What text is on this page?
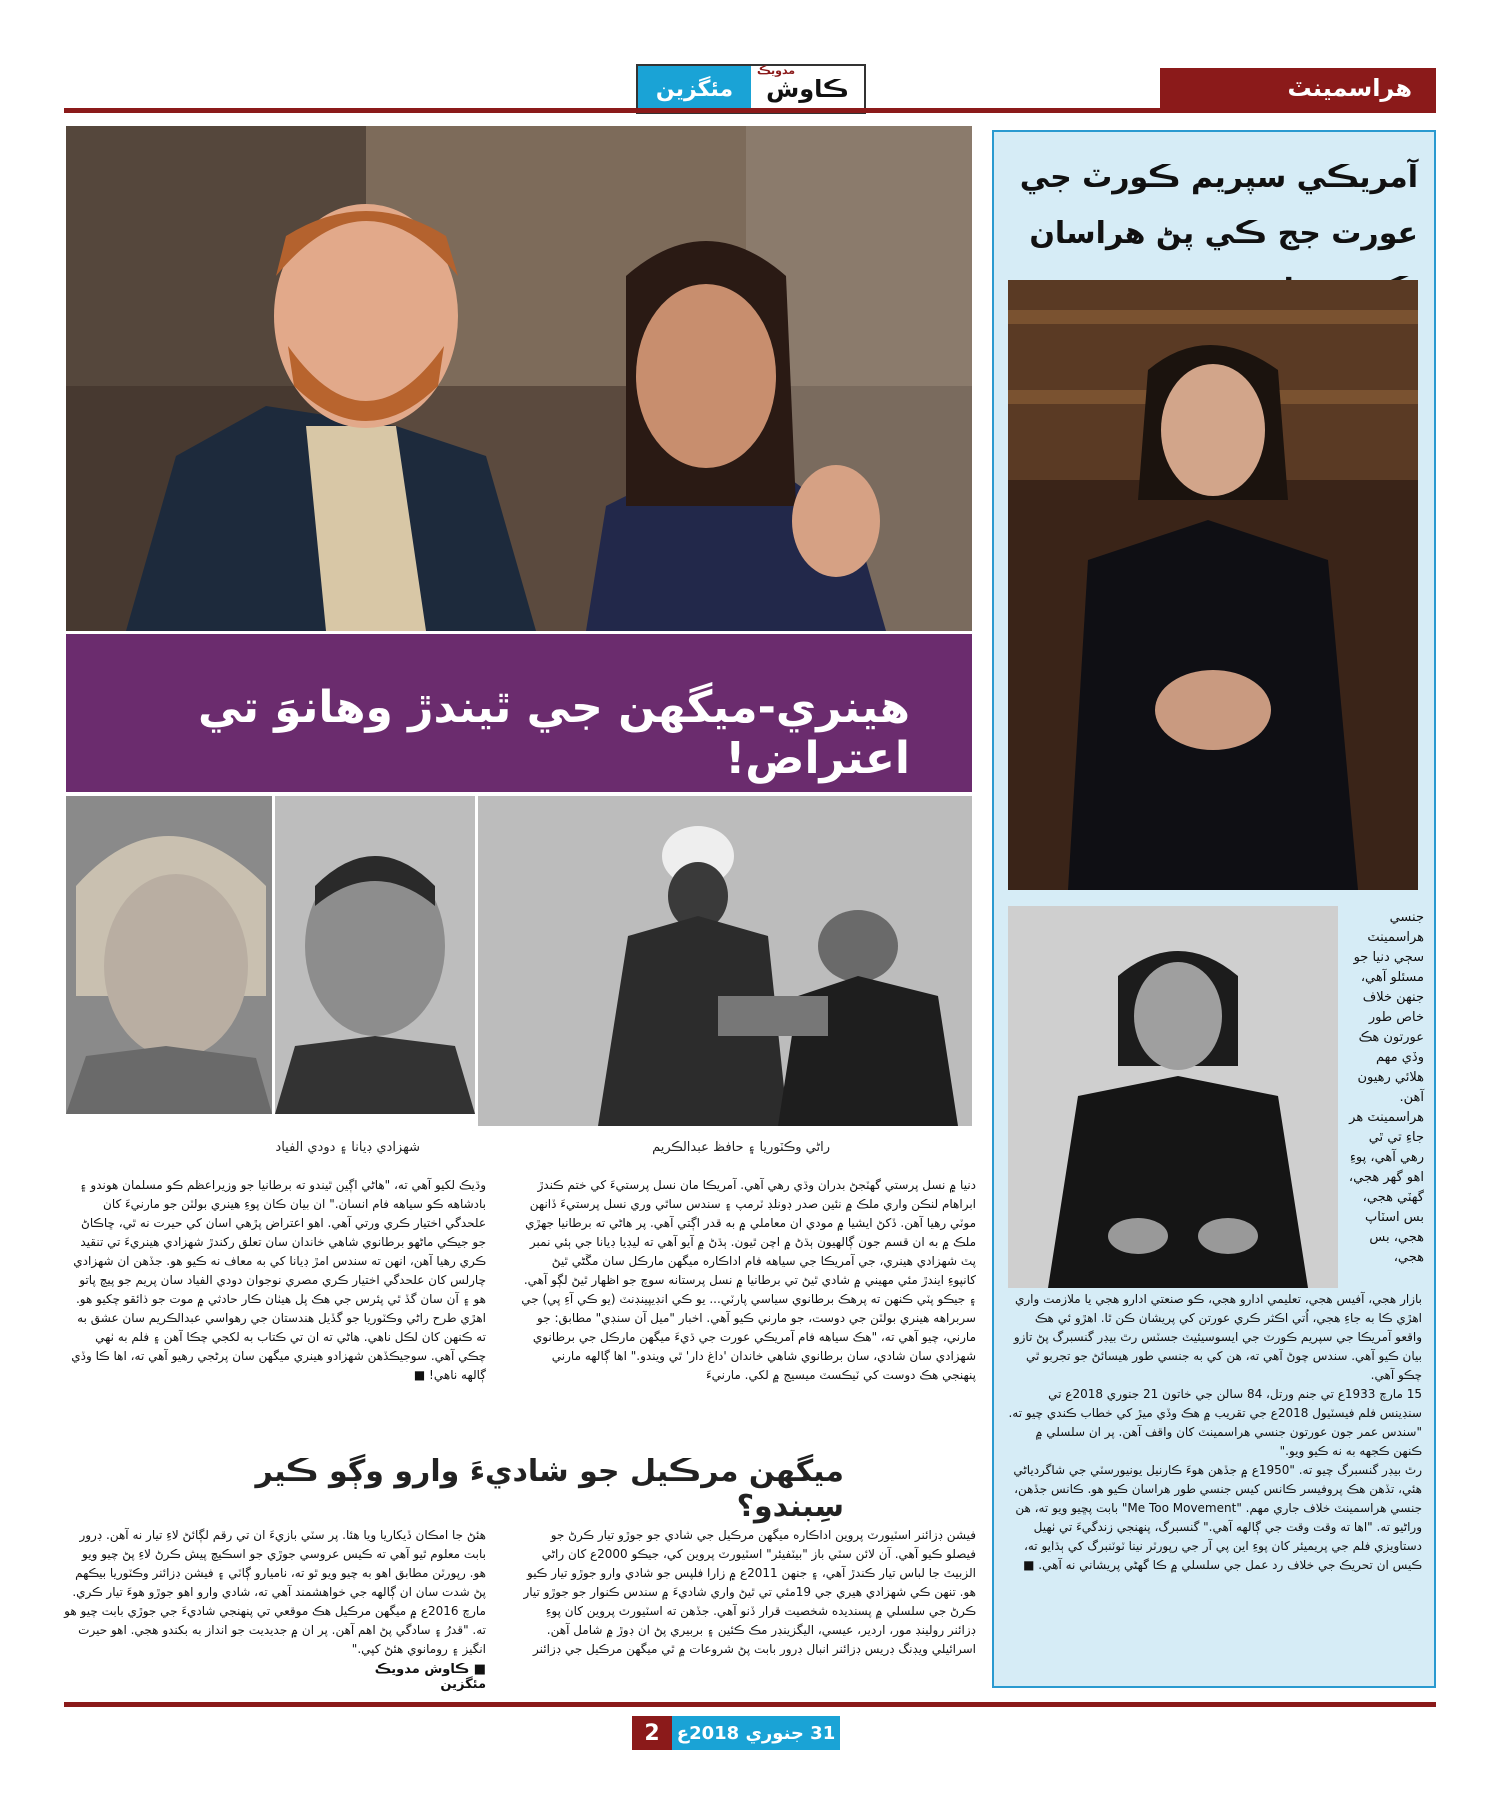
مئگزين
مدويڪ
ڪاوش	هراسمينٽ
هينري-ميگهن جي ٿيندڙ وهانوَ تي اعتراض!
راڻي وڪٽوريا ۽ حافظ عبدالڪريم
شهزادي ڊيانا ۽ دودي الفياد
دنيا ۾ نسل پرستي گهٽجڻ بدران وڌي رهي آهي. آمريڪا مان نسل پرستيءَ کي ختم ڪندڙ ابراهام لنڪن واري ملڪ ۾ نئين صدر ڊونلڊ ٽرمپ ۽ سندس ساٿي وري نسل پرستيءَ ڏانهن موٽي رهيا آهن. ڏکڻ ايشيا ۾ مودي ان معاملي ۾ به قدر اڳتي آهي. پر هاڻي ته برطانيا جهڙي ملڪ ۾ به ان قسم جون ڳالهيون ٻڌڻ ۾ اچن ٿيون. ٻڌڻ ۾ آيو آهي ته ليڊيا ڊيانا جي ٻئي نمبر پٽ شهزادي هينري، جي آمريڪا جي سياهه فام اداڪاره ميگهن مارڪل سان مڱڻي ٿيڻ کانپوءِ ايندڙ مئي مهيني ۾ شادي ٿيڻ تي برطانيا ۾ نسل پرستانه سوچ جو اظهار ٿيڻ لڳو آهي. ۽ جيڪو پٽي ڪنهن ته پرهڪ برطانوي سياسي پارٽي... يو ڪي انڊيپينڊنٽ (يو ڪي آءِ پي) جي سربراهه هينري بولٽن جي دوست، جو مارني ڪيو آهي. اخبار "ميل آن سنڊي" مطابق: جو مارني، چيو آهي ته، "هڪ سياهه فام آمريڪي عورت جي ڌيءَ ميگهن مارڪل جي برطانوي شهزادي سان شادي، سان برطانوي شاهي خاندان 'داغ دار' ٿي ويندو." اها ڳالهه مارني پنهنجي هڪ دوست کي ٽيڪسٽ ميسيج ۾ لکي. مارنيءَ
وڌيڪ لکيو آهي ته، "هاڻي اڳين ٿيندو ته برطانيا جو وزيراعظم ڪو مسلمان هوندو ۽ بادشاهه ڪو سياهه فام انسان." ان بيان ڪان پوءِ هينري بولٽن جو مارنيءَ کان علحدگي اختيار ڪري ورتي آهي. اهو اعتراض پڙهي اسان کي حيرت نه ٿي، ڇاڪاڻ جو جيڪي ماڻهو برطانوي شاهي خاندان سان تعلق رکندڙ شهزادي هينريءَ تي تنقيد ڪري رهيا آهن، انهن ته سندس امڙ ڊيانا کي به معاف نه ڪيو هو. جڏهن ان شهزادي چارلس کان علحدگي اختيار ڪري مصري نوجوان دودي الفياد سان پريم جو پيچ پاتو هو ۽ آن سان گڏ ٿي پئرس جي هڪ پل هيٺان ڪار حادثي ۾ موت جو ذائقو چکيو هو. اهڙي طرح راڻي وڪٽوريا جو گڏيل هندستان جي رهواسي عبدالڪريم سان عشق به ته ڪنهن کان لڪل ناهي. هاڻي ته ان تي ڪتاب به لکجي چڪا آهن ۽ فلم به ٺهي چڪي آهي. سوجيڪڏهن شهزادو هينري ميگهن سان پرڻجي رهيو آهي ته، اها ڪا وڏي ڳالهه ناهي! ■
ميگهن مرڪيل جو شاديءَ وارو وڳو ڪير سِبندو؟
فيشن ڊزائنر اسٽيورٽ پروين اداڪاره ميگهن مرڪيل جي شادي جو جوڙو تيار ڪرڻ جو فيصلو ڪيو آهي. آن لائن سٽي باز "بيٽفيئر" اسٽيورٽ پروين کي، جيڪو 2000ع کان راڻي الزبيٿ جا لباس تيار ڪندڙ آهي، ۽ جنهن 2011ع ۾ زارا فلپس جو شادي وارو جوڙو تيار ڪيو هو. تنهن ڪي شهزادي هيري جي 19مئي تي ٿيڻ واري شاديءَ ۾ سندس ڪنوار جو جوڙو تيار ڪرڻ جي سلسلي ۾ پسنديده شخصيت قرار ڏنو آهي. جڏهن ته اسٽيورٽ پروين کان پوءِ ڊزائنر رولينڊ مور، اردير، عيسي، اليگزينڊر مڪ ڪئين ۽ بربيري پڻ ان ڊوڙ ۾ شامل آهن. اسرائيلي ويڊنگ ڊريس ڊزائنر انبال ڊرور بابت پڻ شروعات ۾ ٿي ميگهن مرڪيل جي ڊزائنر
هئڻ جا امڪان ڏيکاريا ويا هئا. پر سٽي بازيءَ ان تي رقم لڳائڻ لاءِ تيار نه آهن. ڊرور بابت معلوم ٿيو آهي ته ڪيس عروسي جوڙي جو اسڪيچ پيش ڪرڻ لاءِ پڻ چيو ويو هو. رپورٽن مطابق اهو به چيو ويو ٿو ته، ناميارو ڳاٽي ۽ فيشن ڊزائنر وڪٽوريا بيڪهم پڻ شدت سان ان ڳالهه جي خواهشمند آهي ته، شادي وارو اهو جوڙو هوءَ تيار ڪري. مارچ 2016ع ۾ ميگهن مرڪيل هڪ موقعي تي پنهنجي شاديءَ جي جوڙي بابت چيو هو ته. "قدرُ ۽ سادگي پڻ اهم آهن. پر ان ۾ جديديت جو انداز به بکندو هجي. اهو حيرت انگيز ۽ رومانوي هئڻ کپي."
■ ڪاوش مدويڪ مئگزين
آمريڪي سپريم ڪورٽ جي عورت جج ڪي پڻ هراسان
جنسي هراسمينٽ سڄي دنيا جو مسئلو آهي، جنهن خلاف خاص طور عورتون هڪ وڏي مهم هلائي رهيون آهن. هراسمينٽ هر جاءِ تي ٿي رهي آهي، پوءِ اهو گهر هجي، گهٽي هجي، بس اسٽاپ هجي، بس هجي،
بازار هجي، آفيس هجي، تعليمي ادارو هجي، ڪو صنعتي ادارو هجي يا ملازمت واري اهڙي ڪا به جاءِ هجي، اُتي اڪثر ڪري عورتن کي پريشان ڪن ٿا. اهڙو ئي هڪ واقعو آمريڪا جي سپريم ڪورٽ جي ايسوسيئيٽ جسٽس رٿ بيڊر گنسبرگ پڻ تازو بيان ڪيو آهي. سندس چوڻ آهي ته، هن کي به جنسي طور هيسائڻ جو تجربو ٿي چڪو آهي.
15 مارچ 1933ع تي جنم ورتل، 84 سالن جي خاتون 21 جنوري 2018ع تي سنڊينس فلم فيسٽيول 2018ع جي تقريب ۾ هڪ وڏي ميڙ کي خطاب ڪندي چيو ته. "سندس عمر جون عورتون جنسي هراسمينٽ کان واقف آهن. پر ان سلسلي ۾ ڪنهن ڪجهه به نه ڪيو ويو."
رٿ بيڊر گنسبرگ چيو ته. "1950ع ۾ جڏهن هوءَ ڪارنيل يونيورسٽي جي شاگردياڻي هئي، تڏهن هڪ پروفيسر ڪانس کيس جنسي طور هراسان ڪيو هو. ڪانس جڏهن، جنسي هراسمينٽ خلاف جاري مهم. "Me Too Movement" بابت پڇيو ويو ته، هن وراڻيو ته. "اها ته وقت وقت جي ڳالهه آهي." گنسبرگ، پنهنجي زندگيءَ تي ٺهيل دستاويزي فلم جي پريميئر کان پوءِ اين پي آر جي رپورٽر نينا ٽوٽنبرگ کي ٻڌايو ته، ڪيس ان تحريڪ جي خلاف رد عمل جي سلسلي ۾ ڪا گهڻي پريشاني نه آهي. ■
2 31 جنوري 2018ع
